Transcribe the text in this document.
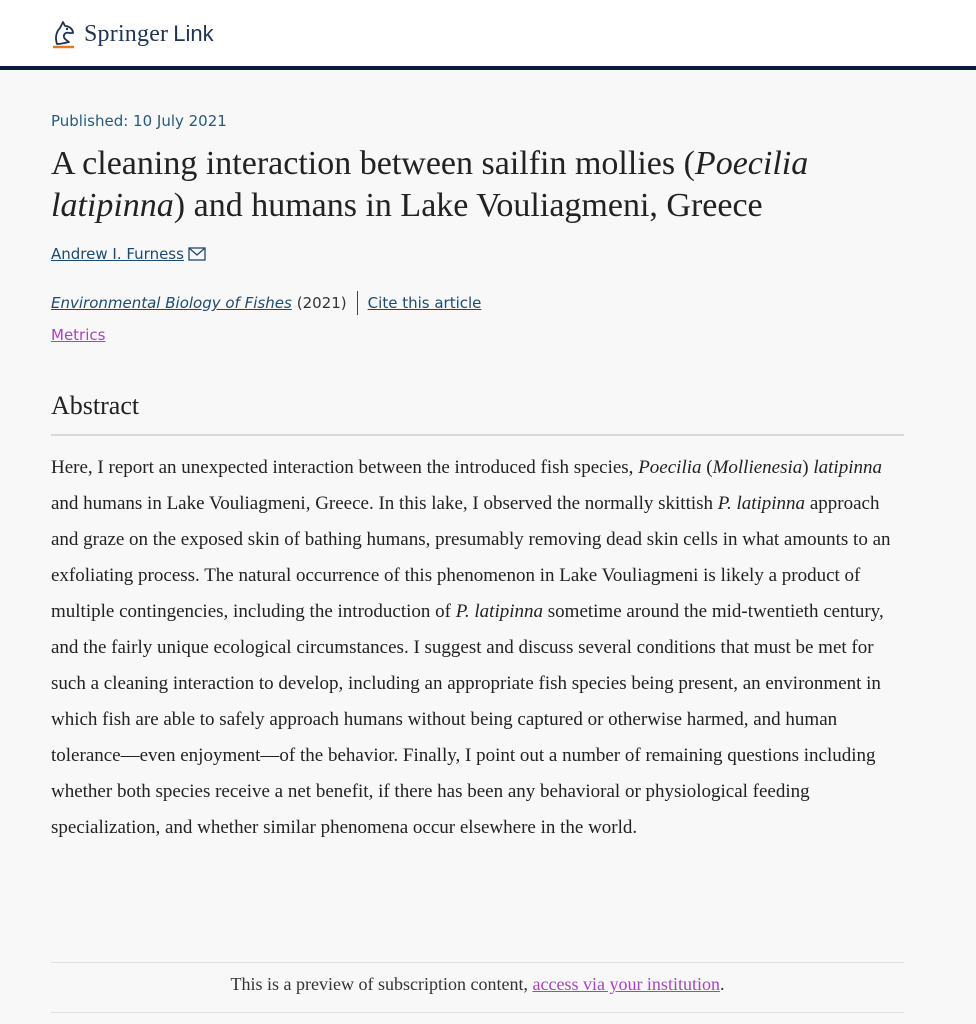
Springer Link
Published: 10 July 2021
A cleaning interaction between sailfin mollies (Poecilia latipinna) and humans in Lake Vouliagmeni, Greece
Andrew I. Furness
Environmental Biology of Fishes (2021) Cite this article
Metrics
Abstract

Here, I report an unexpected interaction between the introduced fish species, Poecilia (Mollienesia) latipinna and humans in Lake Vouliagmeni, Greece. In this lake, I observed the normally skittish P. latipinna approach and graze on the exposed skin of bathing humans, presumably removing dead skin cells in what amounts to an exfoliating process. The natural occurrence of this phenomenon in Lake Vouliagmeni is likely a product of multiple contingencies, including the introduction of P. latipinna sometime around the mid-twentieth century, and the fairly unique ecological circumstances. I suggest and discuss several conditions that must be met for such a cleaning interaction to develop, including an appropriate fish species being present, an environment in which fish are able to safely approach humans without being captured or otherwise harmed, and human tolerance—even enjoyment—of the behavior. Finally, I point out a number of remaining questions including whether both species receive a net benefit, if there has been any behavioral or physiological feeding specialization, and whether similar phenomena occur elsewhere in the world.

This is a preview of subscription content, access via your institution.
